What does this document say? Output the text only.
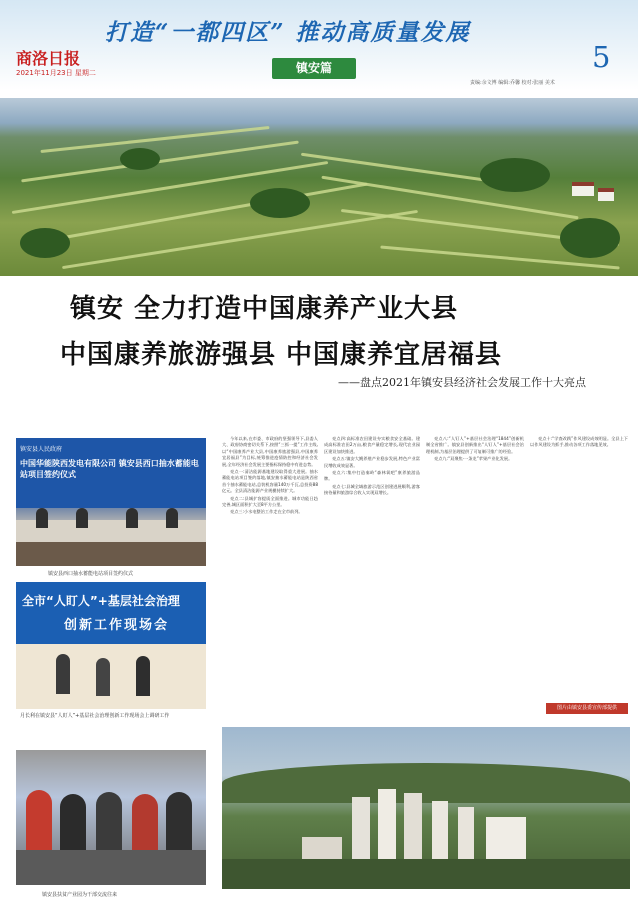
打造“一都四区” 推动高质量发展
商洛日报
2021年11月23日 星期二	镇安篇	5
责编:余文博 编辑:乔馨 校对:张丽 美术
镇安 全力打造中国康养产业大县
中国康养旅游强县 中国康养宜居福县
——盘点2021年镇安县经济社会发展工作十大亮点
镇安县人民政府
中国华能陕西发电有限公司 镇安县西口抽水蓄能电站项目签约仪式
镇安县西口抽水蓄能电站项目签约仪式
全市“人盯人”+基层社会治理
创新工作现场会
月长利在镇安县“人盯人”+基层社会治理创新工作现场会上调研工作
镇安县扶贫产业园为干部交流往来

今年以来,在市委、市政府的坚强领导下,县委人大、政府协商密切关系下,按照“三抓一提”工作主线,以“中国康养产业大县,中国康养旅游强县,中国康养宜居福县”为目标,统筹推进疫情防控和经济社会发展,全年经济社会发展主要指标保持稳中有进态势。

亮点一:清洁能源基地建设取得重大进展。抽水蓄能电站项目签约落地,镇安抽水蓄能电站是陕西省首个抽水蓄能电站,总装机容量140万千瓦,总投资88亿元。全县清洁能源产业规模持续扩大。

亮点二:县城扩容提质全面推进。城市功能日趋完善,城区面积扩大至8平方公里。

亮点三:小水电整治工作走在全市前列。

亮点四:高标准农田建设夯实粮食安全基础。建成高标准农田2万亩,粮食产量稳定增长,现代农业园区建设加快推进。

亮点五:镇安大鲵养殖产业稳步发展,特色产业富民增收成效显著。

亮点六:集中打造秦岭“森林氧吧”康养旅游品牌。

亮点七:县城全域旅游示范区创建进展顺利,游客接待量和旅游综合收入实现双增长。

亮点八:“人钉人”+基层社会治理“1844”创新机制全省推广。镇安县创新推出“人钉人”+基层社会治理机制,为基层治理提供了可复制可推广的经验。

亮点九:“双聚焦·一条龙”苹果产业化发展。

亮点十:“学查改践”作风建设成效明显。全县上下以作风建设为抓手,推动各项工作落地见效。

图片由镇安县委宣传部提供
